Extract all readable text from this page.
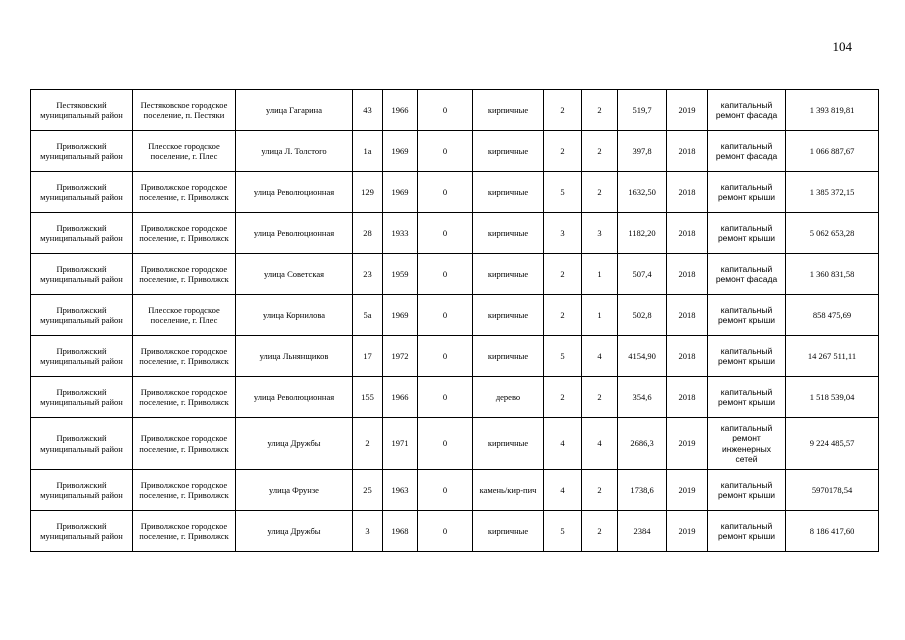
104
Пестяковский муниципальный район	Пестяковское городское поселение, п. Пестяки	улица Гагарина	43	1966	0	кирпичные	2	2	519,7	2019	капитальный ремонт фасада	1 393 819,81
Приволжский муниципальный район	Плесское городское поселение, г. Плес	улица Л. Толстого	1а	1969	0	кирпичные	2	2	397,8	2018	капитальный ремонт фасада	1 066 887,67
Приволжский муниципальный район	Приволжское городское поселение, г. Приволжск	улица Революционная	129	1969	0	кирпичные	5	2	1632,50	2018	капитальный ремонт крыши	1 385 372,15
Приволжский муниципальный район	Приволжское городское поселение, г. Приволжск	улица Революционная	28	1933	0	кирпичные	3	3	1182,20	2018	капитальный ремонт крыши	5 062 653,28
Приволжский муниципальный район	Приволжское городское поселение, г. Приволжск	улица Советская	23	1959	0	кирпичные	2	1	507,4	2018	капитальный ремонт фасада	1 360 831,58
Приволжский муниципальный район	Плесское городское поселение, г. Плес	улица Корнилова	5а	1969	0	кирпичные	2	1	502,8	2018	капитальный ремонт крыши	858 475,69
Приволжский муниципальный район	Приволжское городское поселение, г. Приволжск	улица Льнянщиков	17	1972	0	кирпичные	5	4	4154,90	2018	капитальный ремонт крыши	14 267 511,11
Приволжский муниципальный район	Приволжское городское поселение, г. Приволжск	улица Революционная	155	1966	0	дерево	2	2	354,6	2018	капитальный ремонт крыши	1 518 539,04
Приволжский муниципальный район	Приволжское городское поселение, г. Приволжск	улица Дружбы	2	1971	0	кирпичные	4	4	2686,3	2019	капитальный ремонт инженерных сетей	9 224 485,57
Приволжский муниципальный район	Приволжское городское поселение, г. Приволжск	улица Фрунзе	25	1963	0	камень/кир-пич	4	2	1738,6	2019	капитальный ремонт крыши	5970178,54
Приволжский муниципальный район	Приволжское городское поселение, г. Приволжск	улица Дружбы	3	1968	0	кирпичные	5	2	2384	2019	капитальный ремонт крыши	8 186 417,60
